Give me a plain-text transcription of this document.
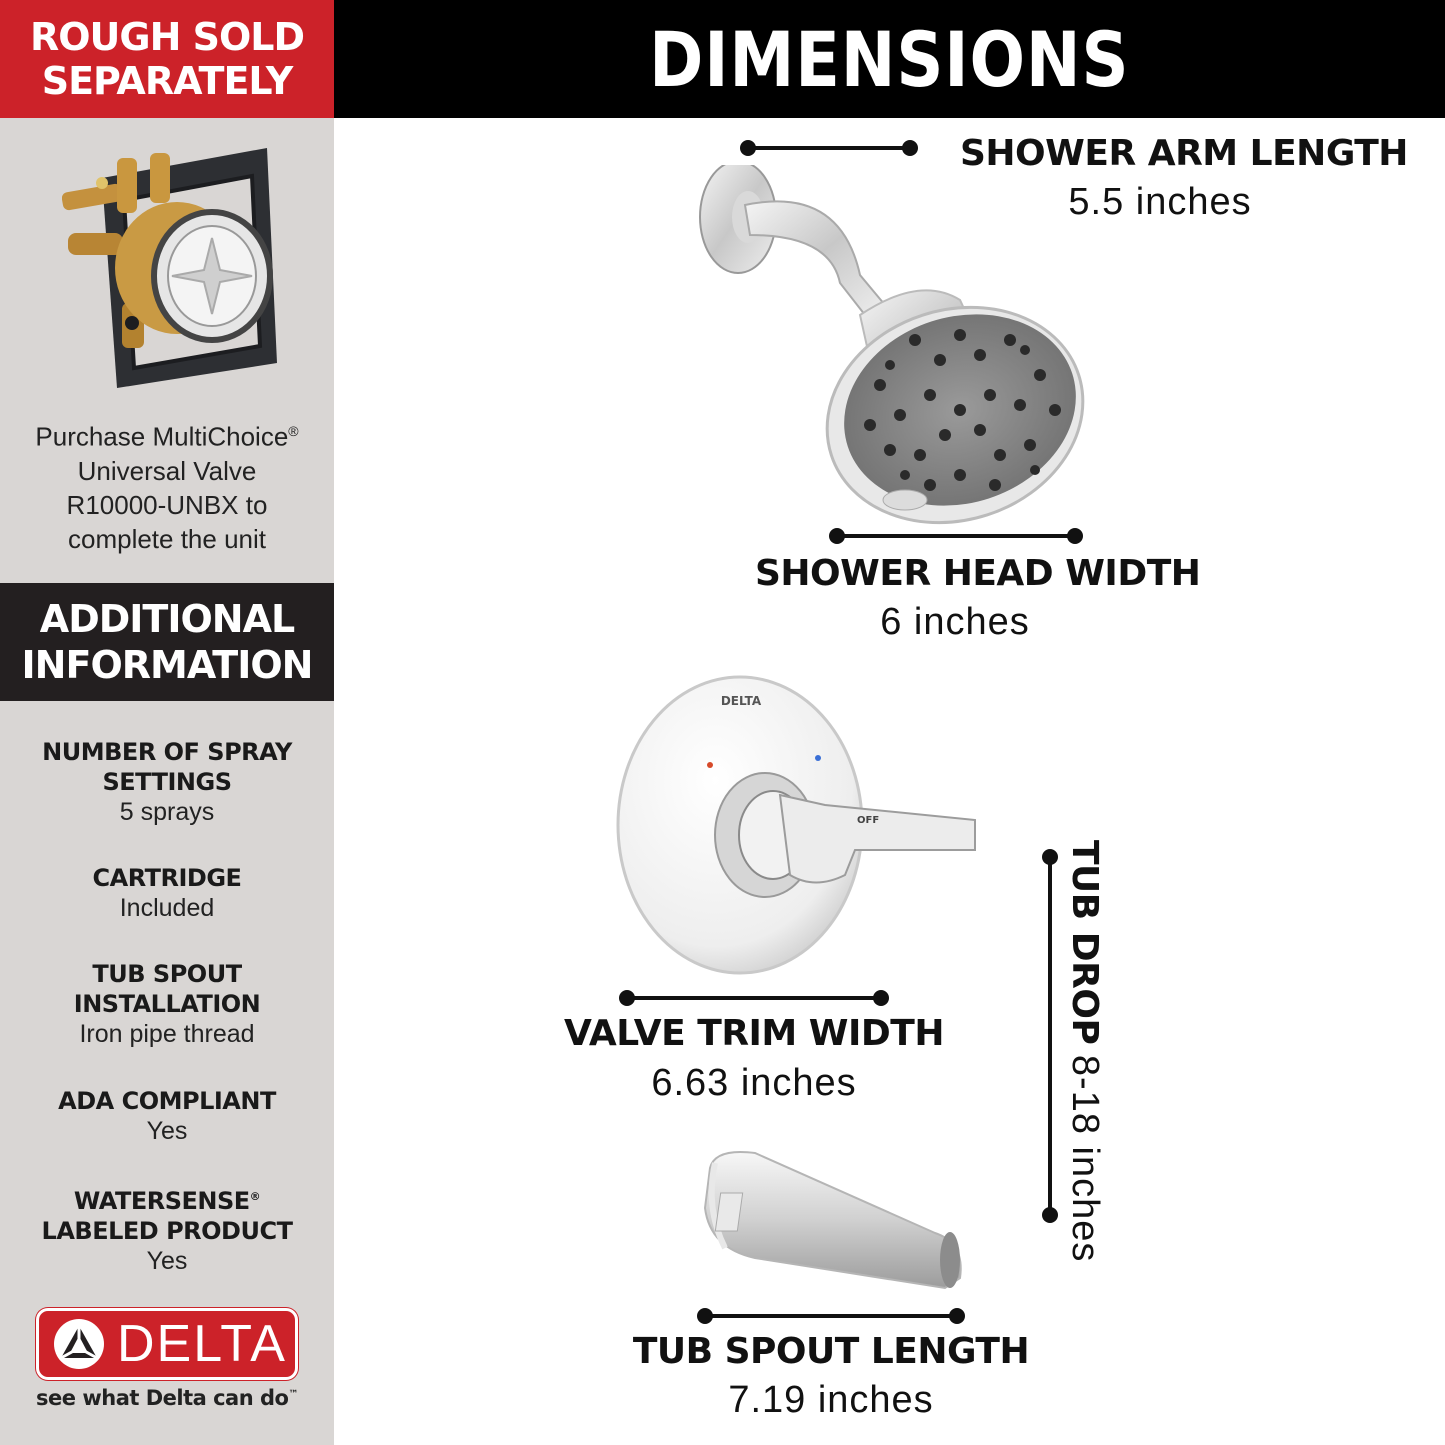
ROUGH SOLD
SEPARATELY
Purchase MultiChoice®
Universal Valve
R10000-UNBX to
complete the unit
ADDITIONAL
INFORMATION
NUMBER OF SPRAY
SETTINGS
5 sprays
CARTRIDGE
Included
TUB SPOUT
INSTALLATION
Iron pipe thread
ADA COMPLIANT
Yes
WATERSENSE®
LABELED PRODUCT
Yes
DELTA
see what Delta can do™
DIMENSIONS
SHOWER ARM LENGTH
5.5 inches
SHOWER HEAD WIDTH
6 inches
DELTA
OFF
VALVE TRIM WIDTH
6.63 inches
TUB SPOUT LENGTH
7.19 inches
TUB DROP 8-18 inches
